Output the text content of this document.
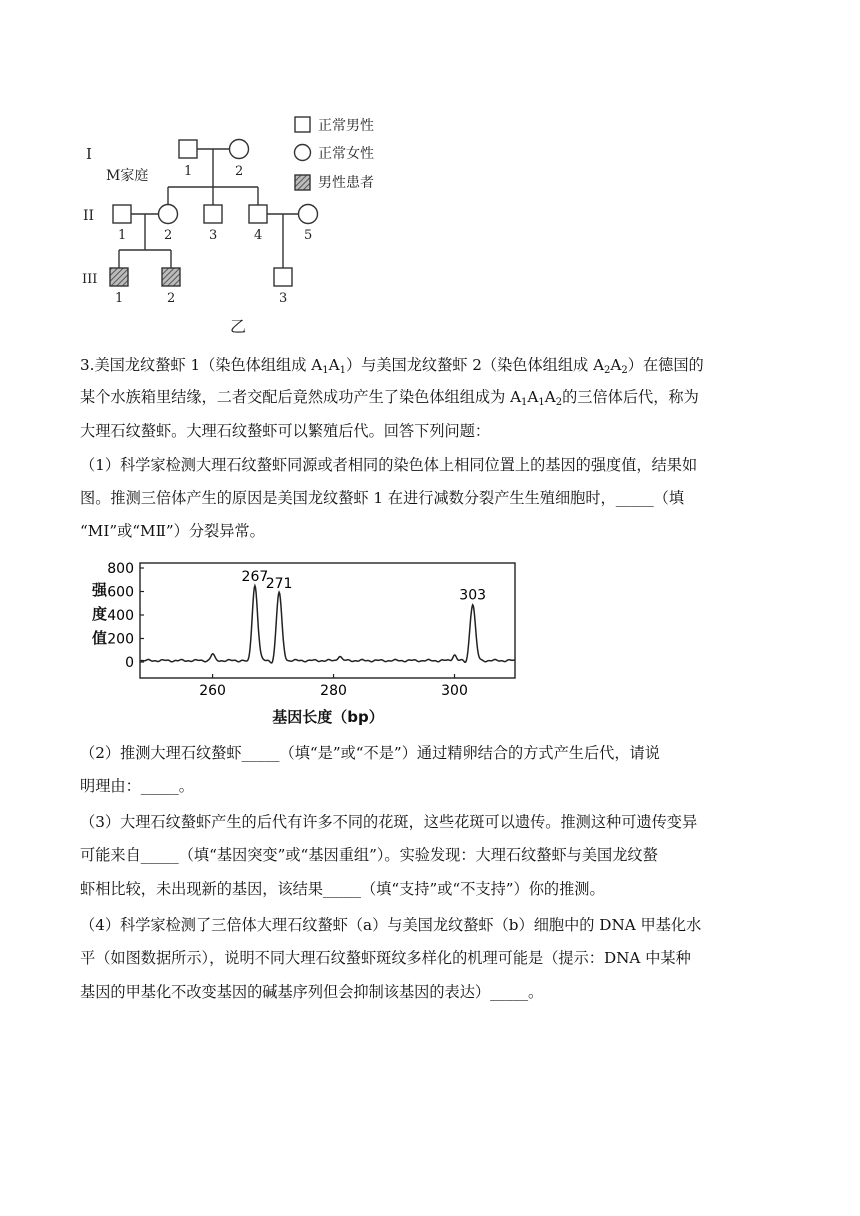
I
II
III
M家庭	1	2
1	2	3	4	5
1	2	3
正常男性
正常女性
男性患者
乙
3.美国龙纹螯虾 1（染色体组组成 $A_1A_1$）与美国龙纹螯虾 2（染色体组组成 $A_2A_2$）在德国的
某个水族箱里结缘，二者交配后竟然成功产生了染色体组组成为 $A_1A_1A_2$的三倍体后代，称为
大理石纹螯虾。大理石纹螯虾可以繁殖后代。回答下列问题：
（1）科学家检测大理石纹螯虾同源或者相同的染色体上相同位置上的基因的强度值，结果如
图。推测三倍体产生的原因是美国龙纹螯虾 1 在进行减数分裂产生生殖细胞时，_____（填
“MⅠ”或“MⅡ”）分裂异常。
800
600
400
200
0
260	280	300
267
271
303
强度值
基因长度（bp）
（2）推测大理石纹螯虾_____（填“是”或“不是”）通过精卵结合的方式产生后代，请说
明理由：_____。
（3）大理石纹螯虾产生的后代有许多不同的花斑，这些花斑可以遗传。推测这种可遗传变异
可能来自_____（填“基因突变”或“基因重组”）。实验发现：大理石纹螯虾与美国龙纹螯
虾相比较，未出现新的基因，该结果_____（填“支持”或“不支持”）你的推测。
（4）科学家检测了三倍体大理石纹螯虾（a）与美国龙纹螯虾（b）细胞中的 DNA 甲基化水
平（如图数据所示），说明不同大理石纹螯虾斑纹多样化的机理可能是（提示：DNA 中某种
基因的甲基化不改变基因的碱基序列但会抑制该基因的表达）_____。
